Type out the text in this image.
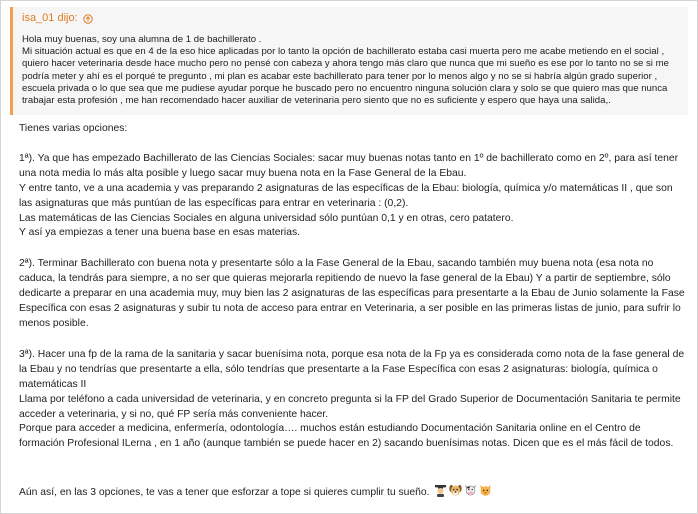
isa_01 dijo:

Hola muy buenas, soy una alumna de 1 de bachillerato .

Mi situación actual es que en 4 de la eso hice aplicadas por lo tanto la opción de bachillerato estaba casi muerta pero me acabe metiendo en el social , quiero hacer veterinaria desde hace mucho pero no pensé con cabeza y ahora tengo más claro que nunca que mi sueño es ese por lo tanto no se si me podría meter y ahí es el porqué te pregunto , mi plan es acabar este bachillerato para tener por lo menos algo y no se si habría algún grado superior , escuela privada o lo que sea que me pudiese ayudar porque he buscado pero no encuentro ninguna solución clara y solo se que quiero mas que nunca trabajar esta profesión , me han recomendado hacer auxiliar de veterinaria pero siento que no es suficiente y espero que haya una salida,.

Tienes varias opciones:

1ª). Ya que has empezado Bachillerato de las Ciencias Sociales: sacar muy buenas notas tanto en 1º de bachillerato como en 2º, para así tener una nota media lo más alta posible y luego sacar muy buena nota en la Fase General de la Ebau.

Y entre tanto, ve a una academia y vas preparando 2 asignaturas de las específicas de la Ebau: biología, química y/o matemáticas II , que son las asignaturas que más puntúan de las específicas para entrar en veterinaria : (0,2).

Las matemáticas de las Ciencias Sociales en alguna universidad sólo puntúan 0,1 y en otras, cero patatero.

Y así ya empiezas a tener una buena base en esas materias.

2ª). Terminar Bachillerato con buena nota y presentarte sólo a la Fase General de la Ebau, sacando también muy buena nota (esa nota no caduca, la tendrás para siempre, a no ser que quieras mejorarla repitiendo de nuevo la fase general de la Ebau) Y a partir de septiembre, sólo dedicarte a preparar en una academia muy, muy bien las 2 asignaturas de las específicas para presentarte a la Ebau de Junio solamente la Fase Específica con esas 2 asignaturas y subir tu nota de acceso para entrar en Veterinaria, a ser posible en las primeras listas de junio, para sufrir lo menos posible.

3ª). Hacer una fp de la rama de la sanitaria y sacar buenísima nota, porque esa nota de la Fp ya es considerada como nota de la fase general de la Ebau y no tendrías que presentarte a ella, sólo tendrías que presentarte a la Fase Específica con esas 2 asignaturas: biología, química o matemáticas II

Llama por teléfono a cada universidad de veterinaria, y en concreto pregunta si la FP del Grado Superior de Documentación Sanitaria te permite acceder a veterinaria, y si no, qué FP sería más conveniente hacer.

Porque para acceder a medicina, enfermería, odontología…. muchos están estudiando Documentación Sanitaria online en el Centro de formación Profesional ILerna , en 1 año (aunque también se puede hacer en 2) sacando buenísimas notas. Dicen que es el más fácil de todos.

Aún así, en las 3 opciones, te vas a tener que esforzar a tope si quieres cumplir tu sueño.
